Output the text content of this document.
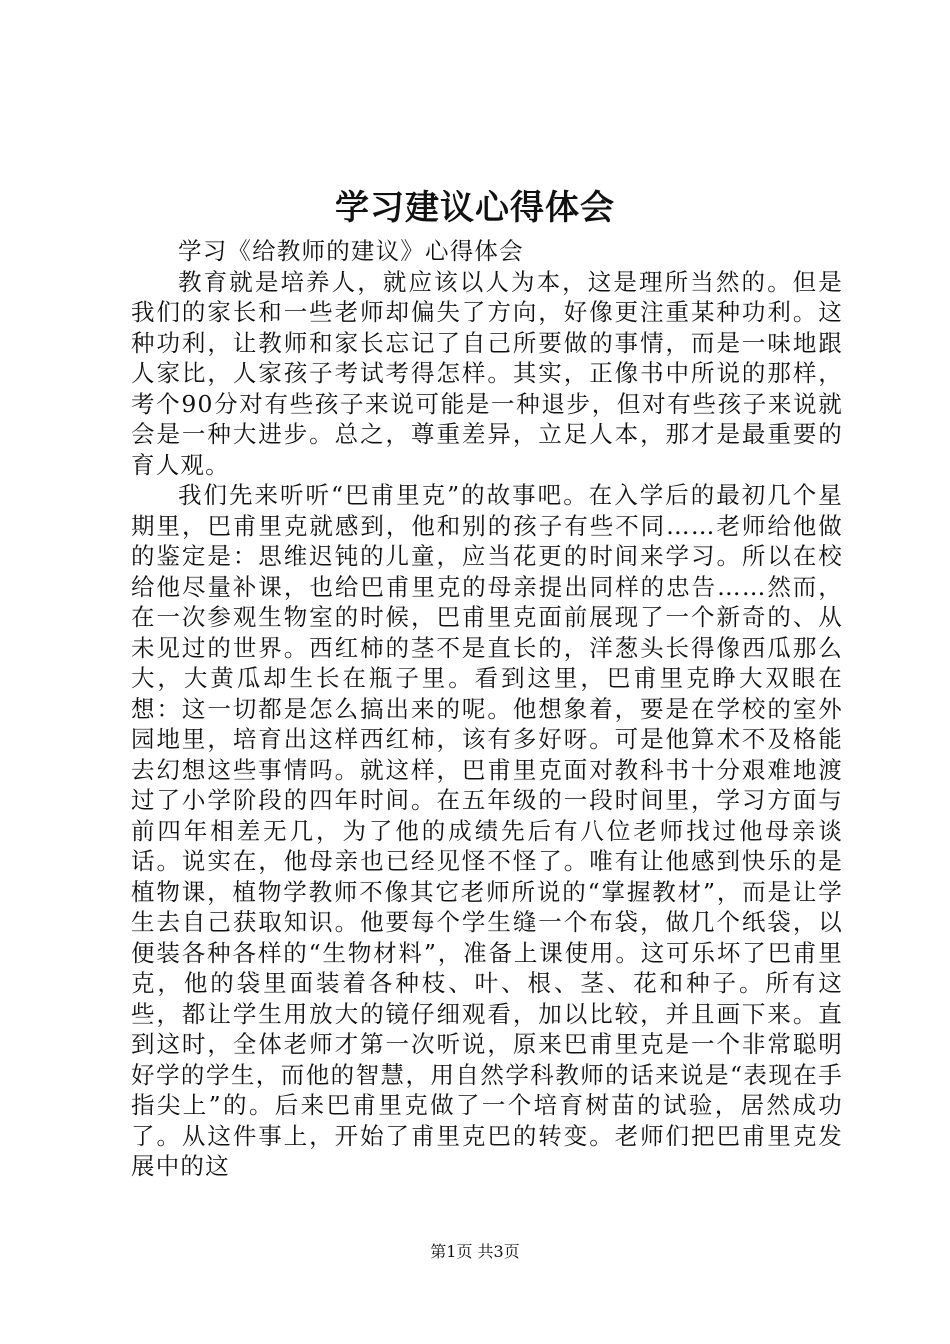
学习建议心得体会

学习《给教师的建议》心得体会

教育就是培养人，就应该以人为本，这是理所当然的。但是我们的家长和一些老师却偏失了方向，好像更注重某种功利。这种功利，让教师和家长忘记了自己所要做的事情，而是一味地跟人家比，人家孩子考试考得怎样。其实，正像书中所说的那样，考个90分对有些孩子来说可能是一种退步，但对有些孩子来说就会是一种大进步。总之，尊重差异，立足人本，那才是最重要的育人观。

我们先来听听“巴甫里克”的故事吧。在入学后的最初几个星期里，巴甫里克就感到，他和别的孩子有些不同……老师给他做的鉴定是：思维迟钝的儿童，应当花更的时间来学习。所以在校给他尽量补课，也给巴甫里克的母亲提出同样的忠告……然而，在一次参观生物室的时候，巴甫里克面前展现了一个新奇的、从未见过的世界。西红柿的茎不是直长的，洋葱头长得像西瓜那么大，大黄瓜却生长在瓶子里。看到这里，巴甫里克睁大双眼在想：这一切都是怎么搞出来的呢。他想象着，要是在学校的室外园地里，培育出这样西红柿，该有多好呀。可是他算术不及格能去幻想这些事情吗。就这样，巴甫里克面对教科书十分艰难地渡过了小学阶段的四年时间。在五年级的一段时间里，学习方面与前四年相差无几，为了他的成绩先后有八位老师找过他母亲谈话。说实在，他母亲也已经见怪不怪了。唯有让他感到快乐的是植物课，植物学教师不像其它老师所说的“掌握教材”，而是让学生去自己获取知识。他要每个学生缝一个布袋，做几个纸袋，以便装各种各样的“生物材料”，准备上课使用。这可乐坏了巴甫里克，他的袋里面装着各种枝、叶、根、茎、花和种子。所有这些，都让学生用放大的镜仔细观看，加以比较，并且画下来。直到这时，全体老师才第一次听说，原来巴甫里克是一个非常聪明好学的学生，而他的智慧，用自然学科教师的话来说是“表现在手指尖上”的。后来巴甫里克做了一个培育树苗的试验，居然成功了。从这件事上，开始了甫里克巴的转变。老师们把巴甫里克发展中的这

第1页 共3页
